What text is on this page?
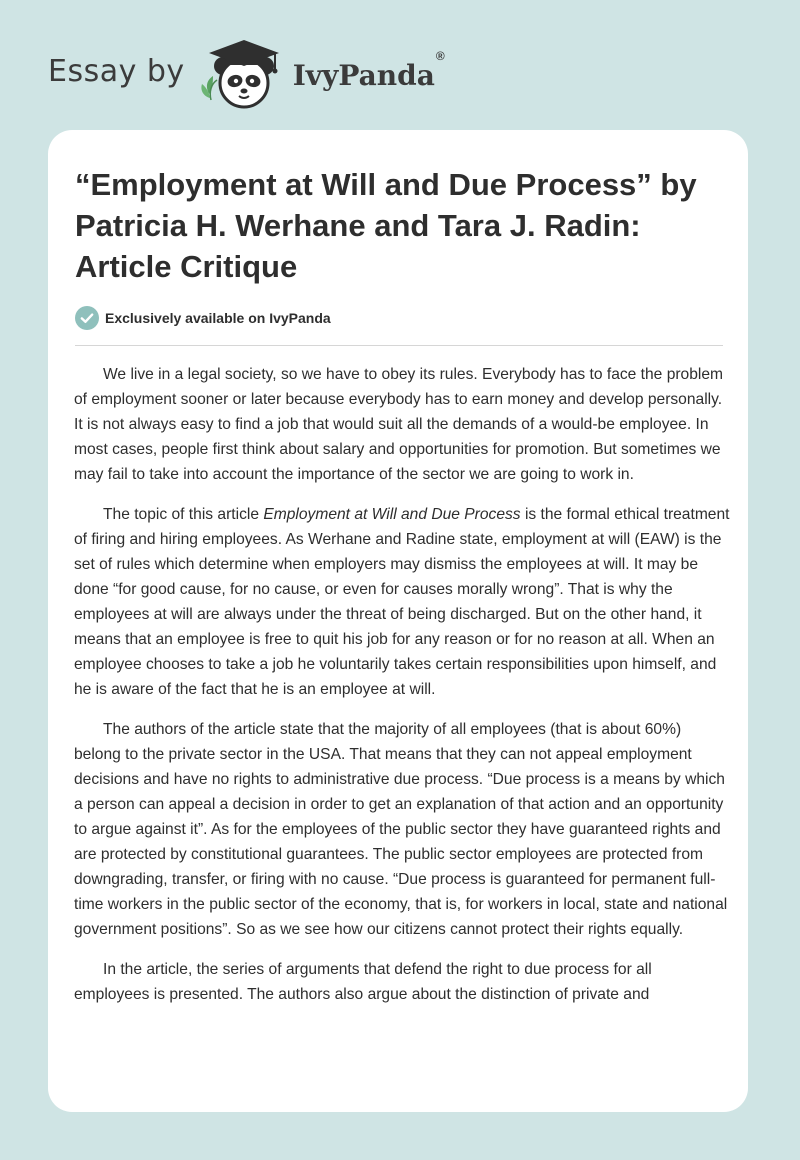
Essay by	IvyPanda®
“Employment at Will and Due Process” by Patricia H. Werhane and Tara J. Radin: Article Critique
Exclusively available on IvyPanda

We live in a legal society, so we have to obey its rules. Everybody has to face the problem of employment sooner or later because everybody has to earn money and develop personally. It is not always easy to find a job that would suit all the demands of a would-be employee. In most cases, people first think about salary and opportunities for promotion. But sometimes we may fail to take into account the importance of the sector we are going to work in.

The topic of this article Employment at Will and Due Process is the formal ethical treatment of firing and hiring employees. As Werhane and Radine state, employment at will (EAW) is the set of rules which determine when employers may dismiss the employees at will. It may be done “for good cause, for no cause, or even for causes morally wrong”. That is why the employees at will are always under the threat of being discharged. But on the other hand, it means that an employee is free to quit his job for any reason or for no reason at all. When an employee chooses to take a job he voluntarily takes certain responsibilities upon himself, and he is aware of the fact that he is an employee at will.

The authors of the article state that the majority of all employees (that is about 60%) belong to the private sector in the USA. That means that they can not appeal employment decisions and have no rights to administrative due process. “Due process is a means by which a person can appeal a decision in order to get an explanation of that action and an opportunity to argue against it”. As for the employees of the public sector they have guaranteed rights and are protected by constitutional guarantees. The public sector employees are protected from downgrading, transfer, or firing with no cause. “Due process is guaranteed for permanent full-time workers in the public sector of the economy, that is, for workers in local, state and national government positions”. So as we see how our citizens cannot protect their rights equally.

In the article, the series of arguments that defend the right to due process for all employees is presented. The authors also argue about the distinction of private and
